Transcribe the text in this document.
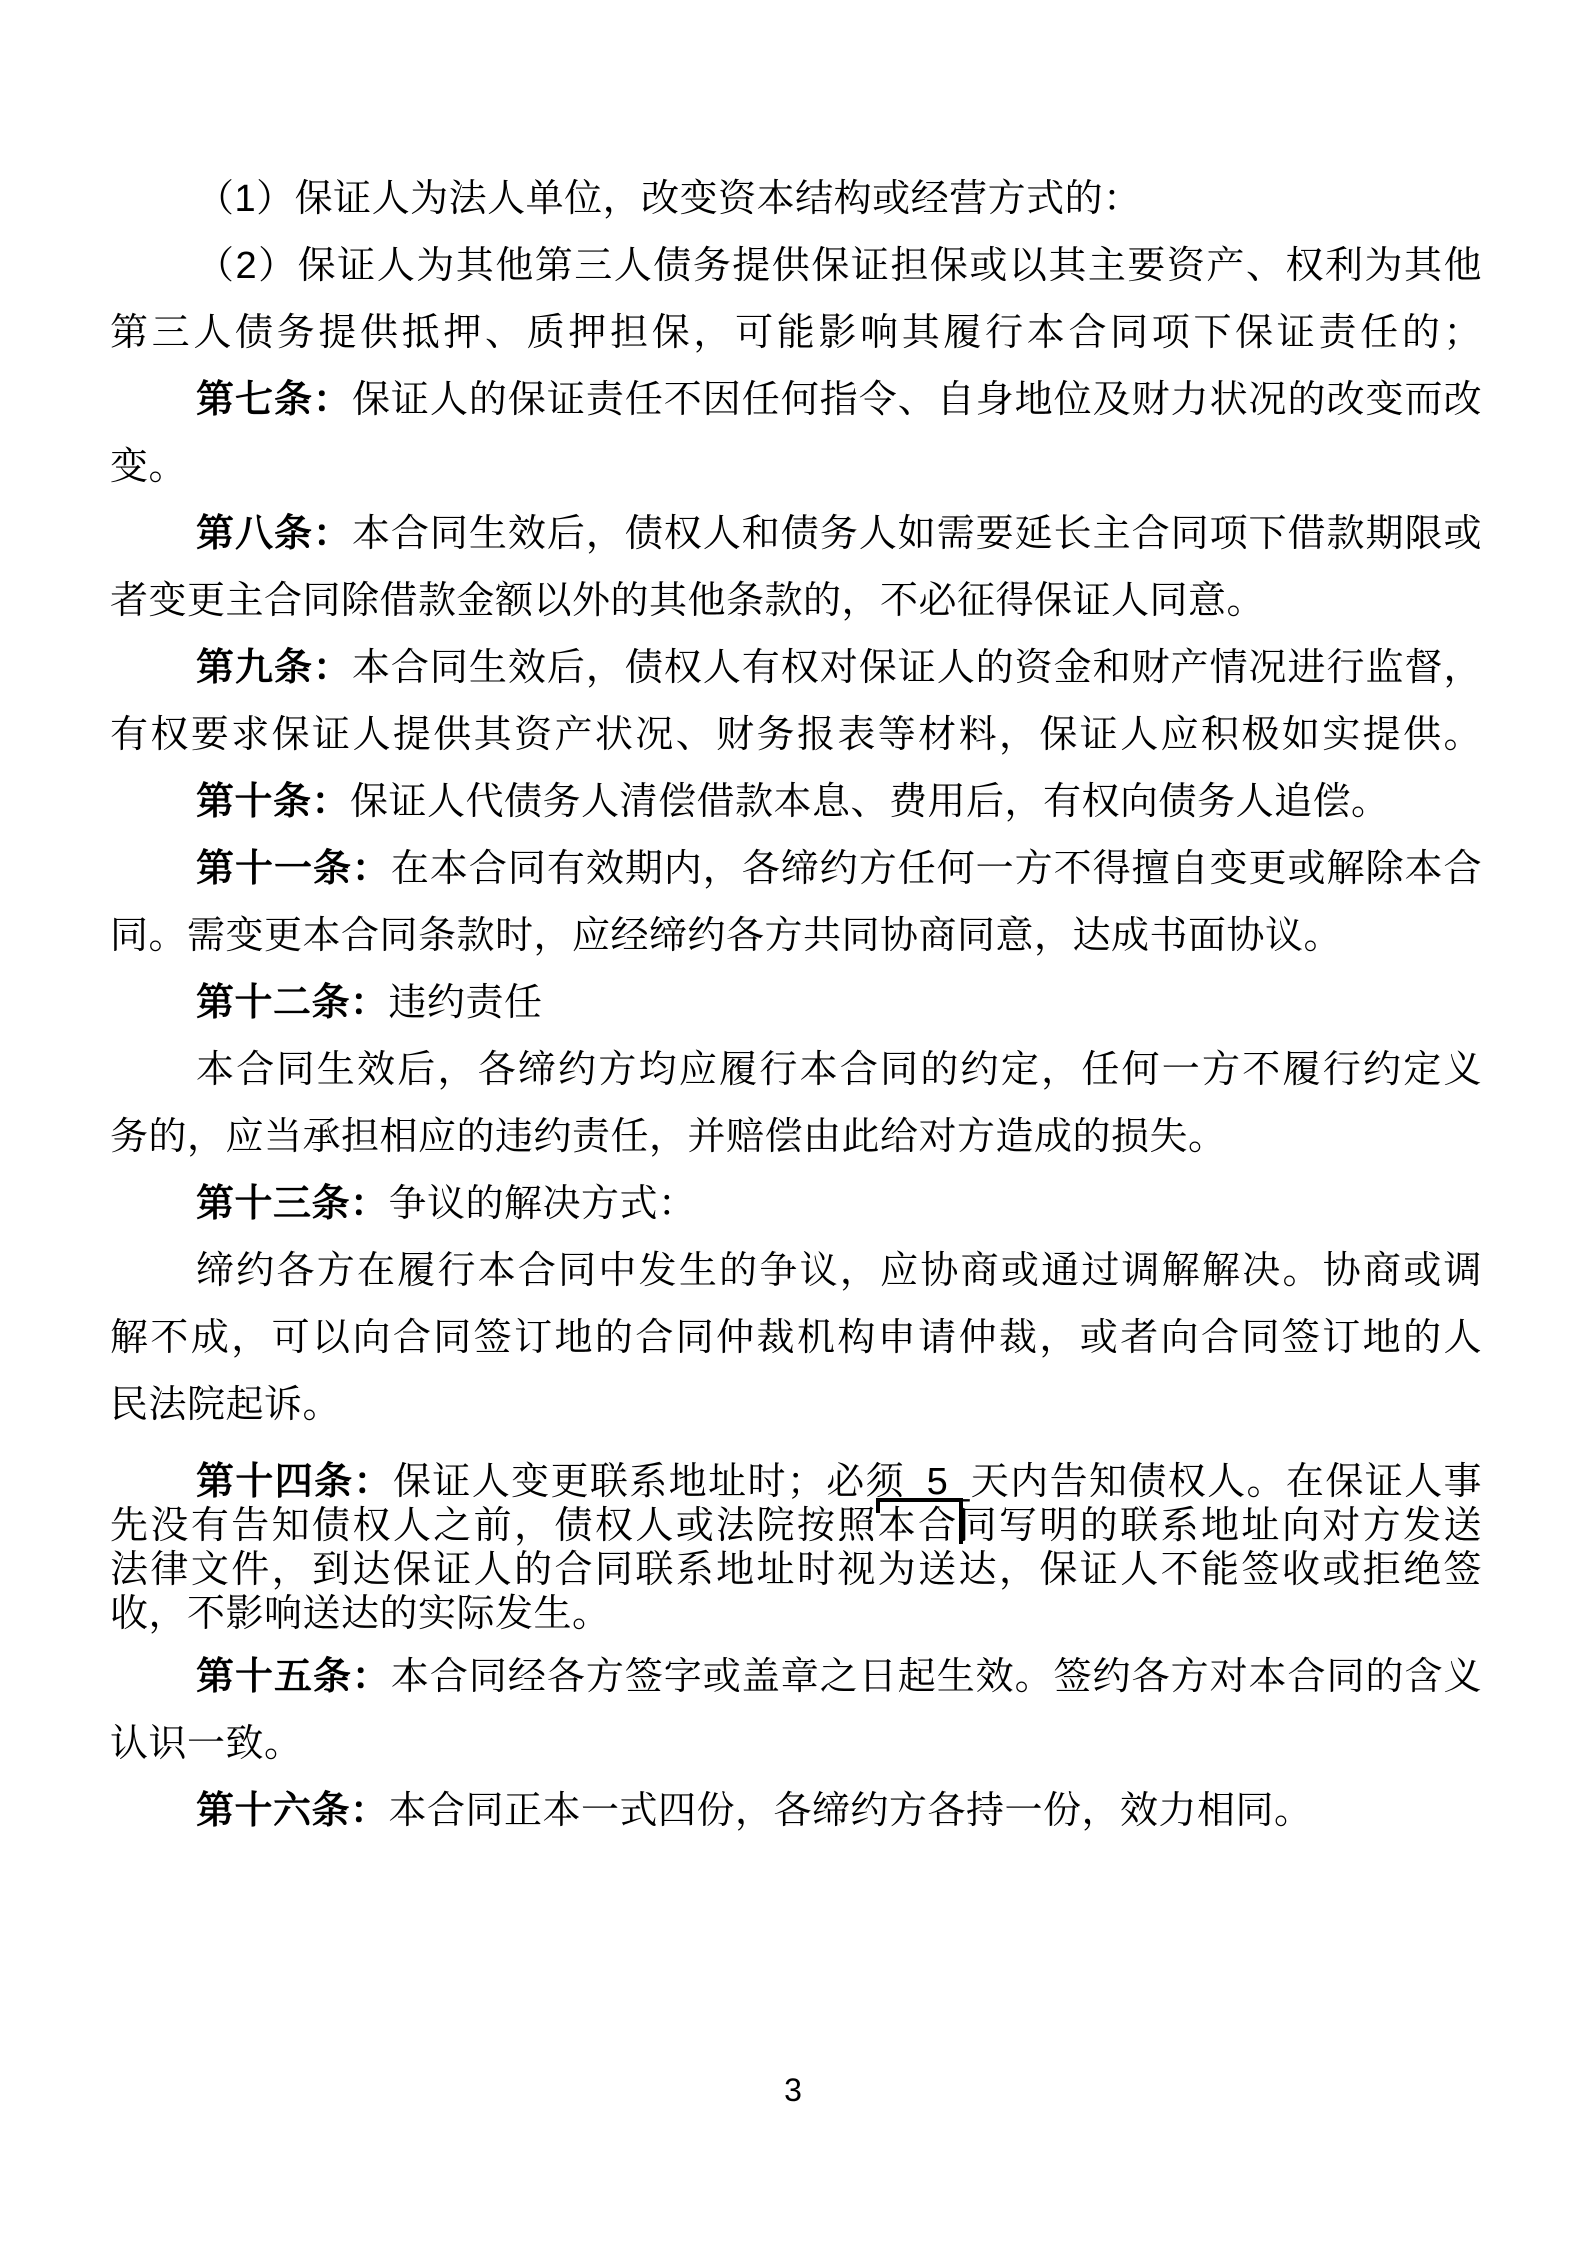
（1）保证人为法人单位，改变资本结构或经营方式的：
（2）保证人为其他第三人债务提供保证担保或以其主要资产、权利为其他
第三人债务提供抵押、质押担保，可能影响其履行本合同项下保证责任的；
第七条：保证人的保证责任不因任何指令、自身地位及财力状况的改变而改
变。
第八条：本合同生效后，债权人和债务人如需要延长主合同项下借款期限或
者变更主合同除借款金额以外的其他条款的，不必征得保证人同意。
第九条：本合同生效后，债权人有权对保证人的资金和财产情况进行监督，
有权要求保证人提供其资产状况、财务报表等材料，保证人应积极如实提供。
第十条：保证人代债务人清偿借款本息、费用后，有权向债务人追偿。
第十一条：在本合同有效期内，各缔约方任何一方不得擅自变更或解除本合
同。需变更本合同条款时，应经缔约各方共同协商同意，达成书面协议。
第十二条：违约责任
本合同生效后，各缔约方均应履行本合同的约定，任何一方不履行约定义
务的，应当承担相应的违约责任，并赔偿由此给对方造成的损失。
第十三条：争议的解决方式：
缔约各方在履行本合同中发生的争议，应协商或通过调解解决。协商或调
解不成，可以向合同签订地的合同仲裁机构申请仲裁，或者向合同签订地的人
民法院起诉。
第十四条：保证人变更联系地址时；必须_5_天内告知债权人。在保证人事
先没有告知债权人之前，债权人或法院按照本合同写明的联系地址向对方发送
法律文件，到达保证人的合同联系地址时视为送达，保证人不能签收或拒绝签
收，不影响送达的实际发生。
第十五条：本合同经各方签字或盖章之日起生效。签约各方对本合同的含义
认识一致。
第十六条：本合同正本一式四份，各缔约方各持一份，效力相同。
3
